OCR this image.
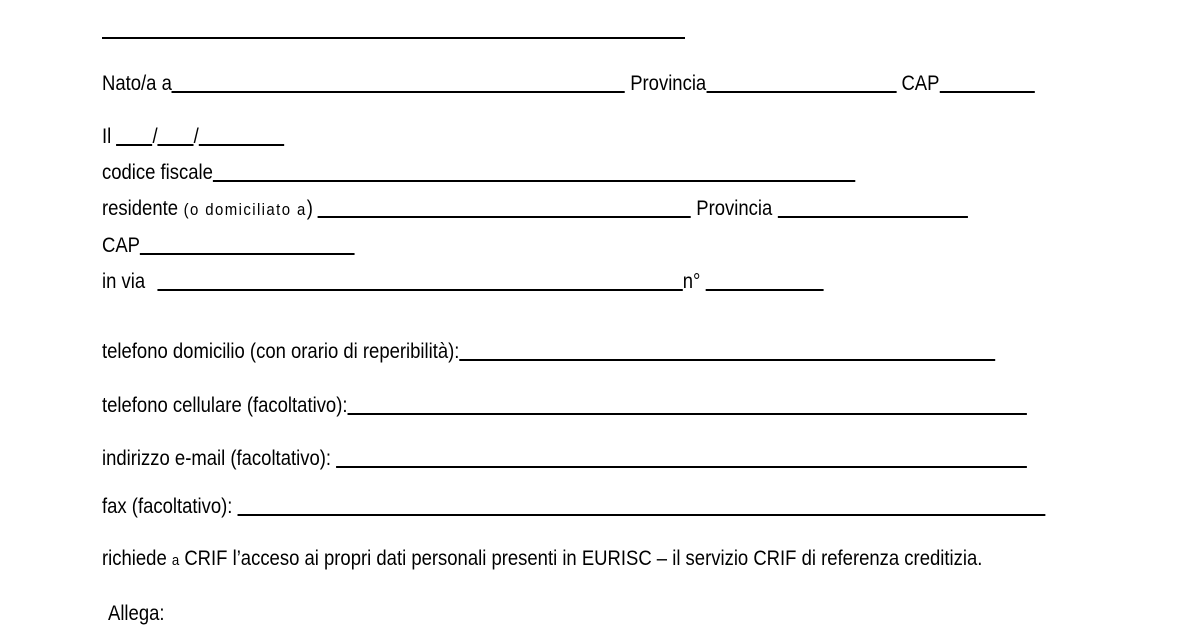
Nato/a a	Provincia	CAP
Il / /
codice fiscale
residente (o domiciliato a)	Provincia
CAP
in via	n°
telefono domicilio (con orario di reperibilità):
telefono cellulare (facoltativo):
indirizzo e-mail (facoltativo):
fax (facoltativo):
richiede a CRIF l’acceso ai propri dati personali presenti in EURISC – il servizio CRIF di referenza creditizia.
Allega:
